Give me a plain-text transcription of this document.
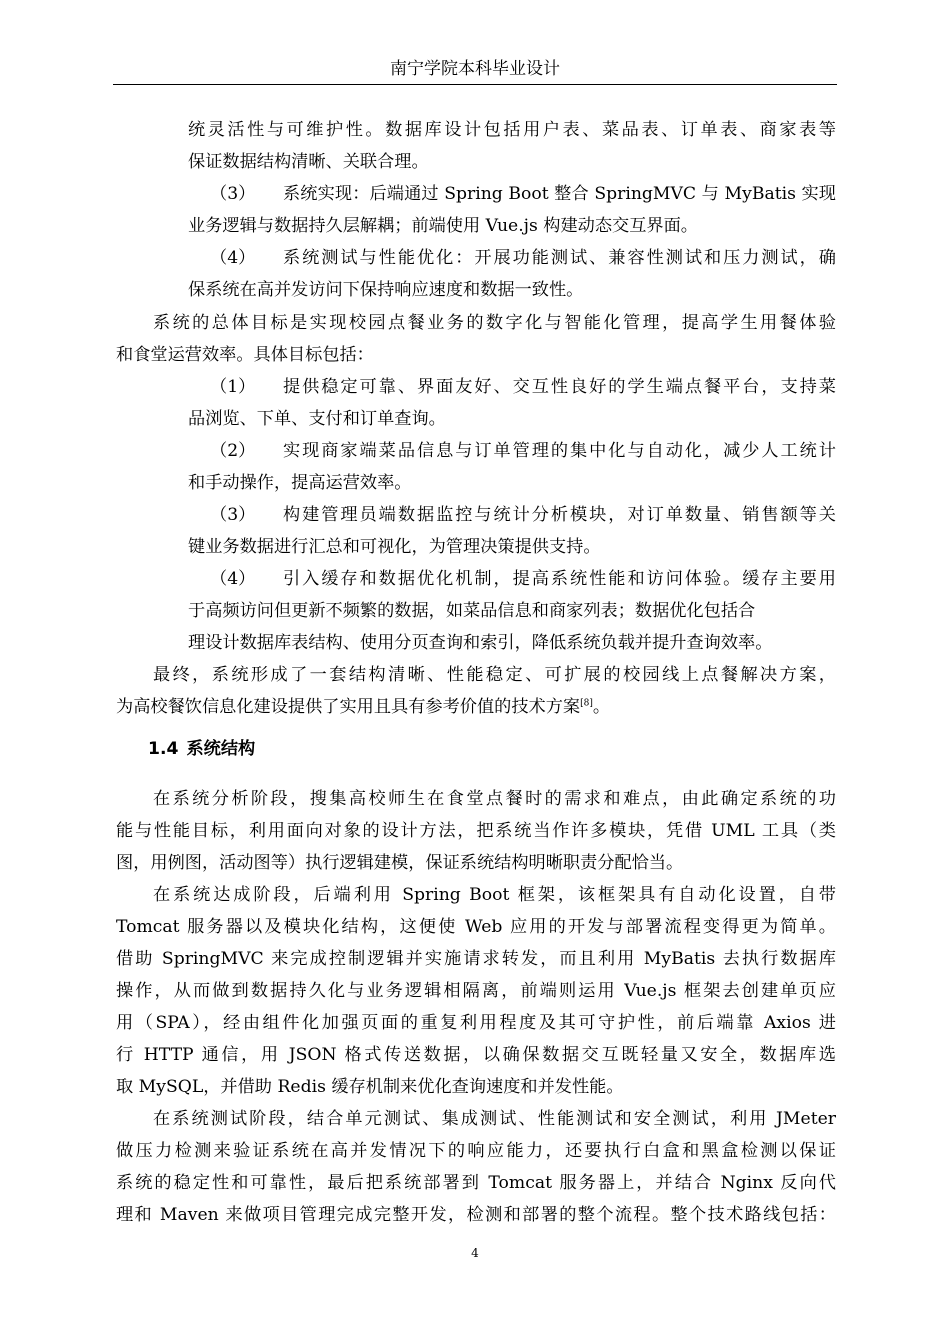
南宁学院本科毕业设计
统灵活性与可维护性。数据库设计包括用户表、菜品表、订单表、商家表等
保证数据结构清晰、关联合理。
（3）	系统实现：后端通过 Spring Boot 整合 SpringMVC 与 MyBatis 实现
业务逻辑与数据持久层解耦；前端使用 Vue.js 构建动态交互界面。
（4）	系统测试与性能优化：开展功能测试、兼容性测试和压力测试，确
保系统在高并发访问下保持响应速度和数据一致性。
系统的总体目标是实现校园点餐业务的数字化与智能化管理，提高学生用餐体验
和食堂运营效率。具体目标包括：
（1）	提供稳定可靠、界面友好、交互性良好的学生端点餐平台，支持菜
品浏览、下单、支付和订单查询。
（2）	实现商家端菜品信息与订单管理的集中化与自动化，减少人工统计
和手动操作，提高运营效率。
（3）	构建管理员端数据监控与统计分析模块，对订单数量、销售额等关
键业务数据进行汇总和可视化，为管理决策提供支持。
（4）	引入缓存和数据优化机制，提高系统性能和访问体验。缓存主要用
于高频访问但更新不频繁的数据，如菜品信息和商家列表；数据优化包括合
理设计数据库表结构、使用分页查询和索引，降低系统负载并提升查询效率。
最终，系统形成了一套结构清晰、性能稳定、可扩展的校园线上点餐解决方案，
为高校餐饮信息化建设提供了实用且具有参考价值的技术方案[8]。
1.4 系统结构
在系统分析阶段，搜集高校师生在食堂点餐时的需求和难点，由此确定系统的功
能与性能目标，利用面向对象的设计方法，把系统当作许多模块，凭借 UML 工具（类
图，用例图，活动图等）执行逻辑建模，保证系统结构明晰职责分配恰当。
在系统达成阶段，后端利用 Spring Boot 框架，该框架具有自动化设置，自带
Tomcat 服务器以及模块化结构，这便使 Web 应用的开发与部署流程变得更为简单。
借助 SpringMVC 来完成控制逻辑并实施请求转发，而且利用 MyBatis 去执行数据库
操作，从而做到数据持久化与业务逻辑相隔离，前端则运用 Vue.js 框架去创建单页应
用（SPA），经由组件化加强页面的重复利用程度及其可守护性，前后端靠 Axios 进
行 HTTP 通信，用 JSON 格式传送数据，以确保数据交互既轻量又安全，数据库选
取 MySQL，并借助 Redis 缓存机制来优化查询速度和并发性能。
在系统测试阶段，结合单元测试、集成测试、性能测试和安全测试，利用 JMeter
做压力检测来验证系统在高并发情况下的响应能力，还要执行白盒和黑盒检测以保证
系统的稳定性和可靠性，最后把系统部署到 Tomcat 服务器上，并结合 Nginx 反向代
理和 Maven 来做项目管理完成完整开发，检测和部署的整个流程。整个技术路线包括：
4
